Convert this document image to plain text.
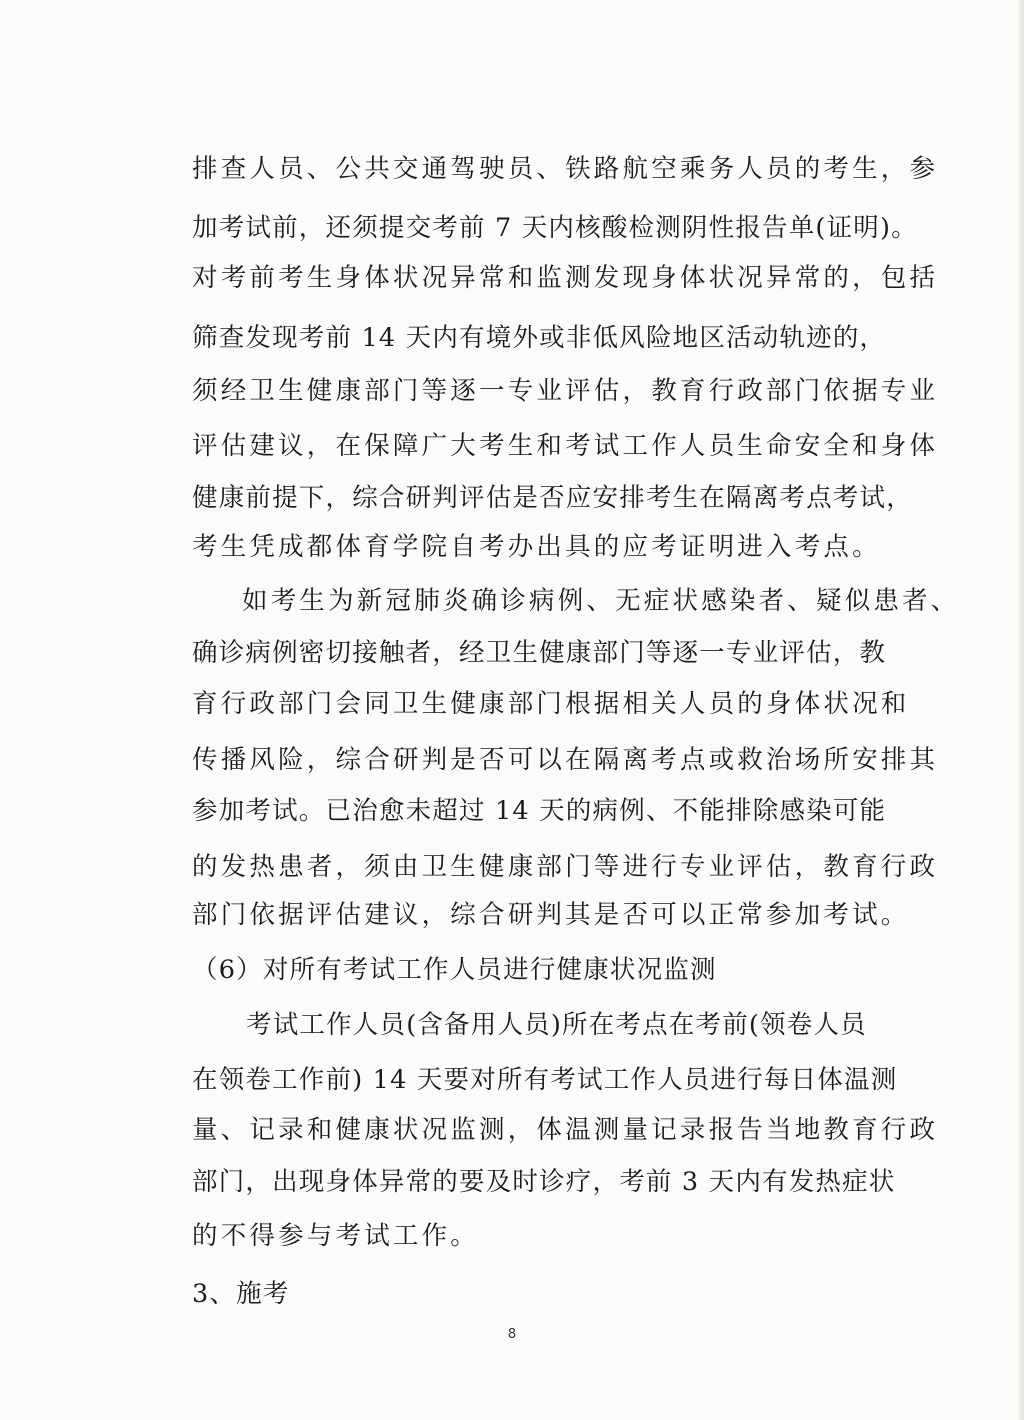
排查人员、公共交通驾驶员、铁路航空乘务人员的考生，参
加考试前，还须提交考前 7 天内核酸检测阴性报告单(证明)。
对考前考生身体状况异常和监测发现身体状况异常的，包括
筛查发现考前 14 天内有境外或非低风险地区活动轨迹的，
须经卫生健康部门等逐一专业评估，教育行政部门依据专业
评估建议，在保障广大考生和考试工作人员生命安全和身体
健康前提下，综合研判评估是否应安排考生在隔离考点考试，
考生凭成都体育学院自考办出具的应考证明进入考点。
如考生为新冠肺炎确诊病例、无症状感染者、疑似患者、
确诊病例密切接触者，经卫生健康部门等逐一专业评估，教
育行政部门会同卫生健康部门根据相关人员的身体状况和
传播风险，综合研判是否可以在隔离考点或救治场所安排其
参加考试。已治愈未超过 14 天的病例、不能排除感染可能
的发热患者，须由卫生健康部门等进行专业评估，教育行政
部门依据评估建议，综合研判其是否可以正常参加考试。
（6）对所有考试工作人员进行健康状况监测
考试工作人员(含备用人员)所在考点在考前(领卷人员
在领卷工作前) 14 天要对所有考试工作人员进行每日体温测
量、记录和健康状况监测，体温测量记录报告当地教育行政
部门，出现身体异常的要及时诊疗，考前 3 天内有发热症状
的不得参与考试工作。
3、施考
8
